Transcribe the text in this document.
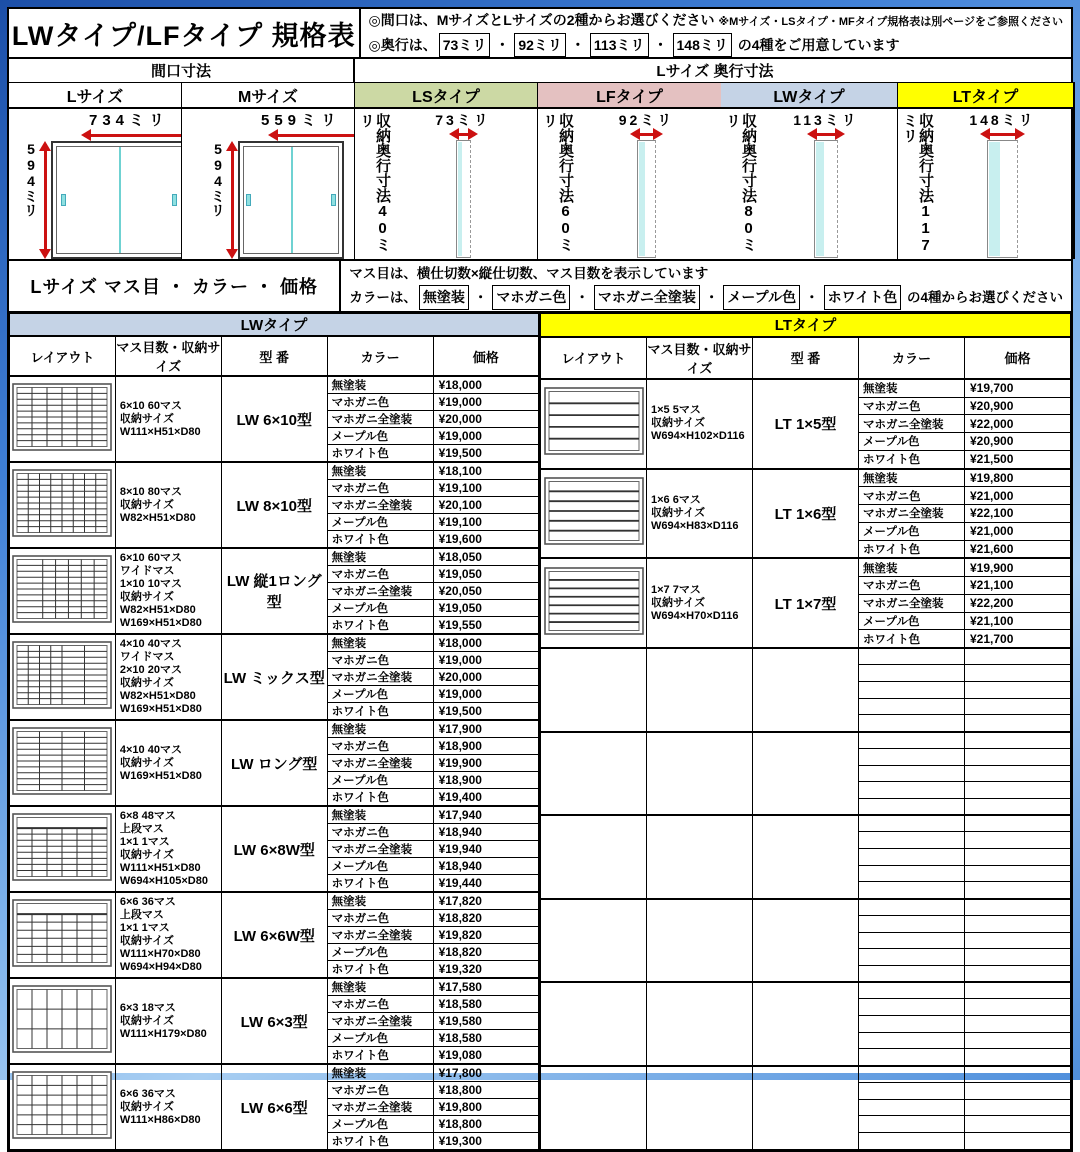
LWタイプ/LFタイプ 規格表
◎間口は、MサイズとLサイズの2種からお選びください ※Mサイズ・LSタイプ・MFタイプ規格表は別ページをご参照ください
◎奥行は、 73ミリ ・ 92ミリ ・ 113ミリ ・ 148ミリ の4種をご用意しています
間口寸法	Lサイズ 奥行寸法
Lサイズ	Mサイズ	LSタイプ	LFタイプ	LWタイプ	LTタイプ
734ミリ
594ミリ
559ミリ
594ミリ	収納奥行寸法40ミリ	73ミリ	収納奥行寸法60ミリ	92ミリ	収納奥行寸法80ミリ	113ミリ	収納奥行寸法117ミリ	148ミリ
Lサイズ マス目 ・ カラー ・ 価格
マス目は、横仕切数×縦仕切数、マス目数を表示しています
カラーは、 無塗装 ・ マホガニ色 ・ マホガニ全塗装 ・ メープル色 ・ ホワイト色 の4種からお選びください
LWタイプ				
レイアウト	マス目数・収納サイズ	型 番	カラー	価格

6×10 60マス
収納サイズ
W111×H51×D80	LW 6×10型	無塗装	¥18,000
			マホガニ色	¥19,000
			マホガニ全塗装	¥20,000
			メープル色	¥19,000
			ホワイト色	¥19,500

8×10 80マス
収納サイズ
W82×H51×D80	LW 8×10型	無塗装	¥18,100
			マホガニ色	¥19,100
			マホガニ全塗装	¥20,100
			メープル色	¥19,100
			ホワイト色	¥19,600

6×10 60マス
ワイドマス
1×10 10マス
収納サイズ
W82×H51×D80
W169×H51×D80
	LW 縦1ロング型	無塗装	¥18,050
			マホガニ色	¥19,050
			マホガニ全塗装	¥20,050
			メープル色	¥19,050
			ホワイト色	¥19,550

4×10 40マス
ワイドマス
2×10 20マス
収納サイズ
W82×H51×D80
W169×H51×D80
	LW ミックス型	無塗装	¥18,000
			マホガニ色	¥19,000
			マホガニ全塗装	¥20,000
			メープル色	¥19,000
			ホワイト色	¥19,500

4×10 40マス
収納サイズ
W169×H51×D80	LW ロング型	無塗装	¥17,900
			マホガニ色	¥18,900
			マホガニ全塗装	¥19,900
			メープル色	¥18,900
			ホワイト色	¥19,400

6×8 48マス
上段マス
1×1 1マス
収納サイズ
W111×H51×D80
W694×H105×D80
	LW 6×8W型	無塗装	¥17,940
			マホガニ色	¥18,940
			マホガニ全塗装	¥19,940
			メープル色	¥18,940
			ホワイト色	¥19,440

6×6 36マス
上段マス
1×1 1マス
収納サイズ
W111×H70×D80
W694×H94×D80
	LW 6×6W型	無塗装	¥17,820
			マホガニ色	¥18,820
			マホガニ全塗装	¥19,820
			メープル色	¥18,820
			ホワイト色	¥19,320

6×3 18マス
収納サイズ
W111×H179×D80	LW 6×3型	無塗装	¥17,580
			マホガニ色	¥18,580
			マホガニ全塗装	¥19,580
			メープル色	¥18,580
			ホワイト色	¥19,080

6×6 36マス
収納サイズ
W111×H86×D80	LW 6×6型	無塗装	¥17,800
			マホガニ色	¥18,800
			マホガニ全塗装	¥19,800
			メープル色	¥18,800
			ホワイト色	¥19,300
LTタイプ				
レイアウト	マス目数・収納サイズ	型 番	カラー	価格

1×5 5マス
収納サイズ
W694×H102×D116	LT 1×5型	無塗装	¥19,700
			マホガニ色	¥20,900
			マホガニ全塗装	¥22,000
			メープル色	¥20,900
			ホワイト色	¥21,500

1×6 6マス
収納サイズ
W694×H83×D116	LT 1×6型	無塗装	¥19,800
			マホガニ色	¥21,000
			マホガニ全塗装	¥22,100
			メープル色	¥21,000
			ホワイト色	¥21,600

1×7 7マス
収納サイズ
W694×H70×D116	LT 1×7型	無塗装	¥19,900
			マホガニ色	¥21,100
			マホガニ全塗装	¥22,200
			メープル色	¥21,100
			ホワイト色	¥21,700
